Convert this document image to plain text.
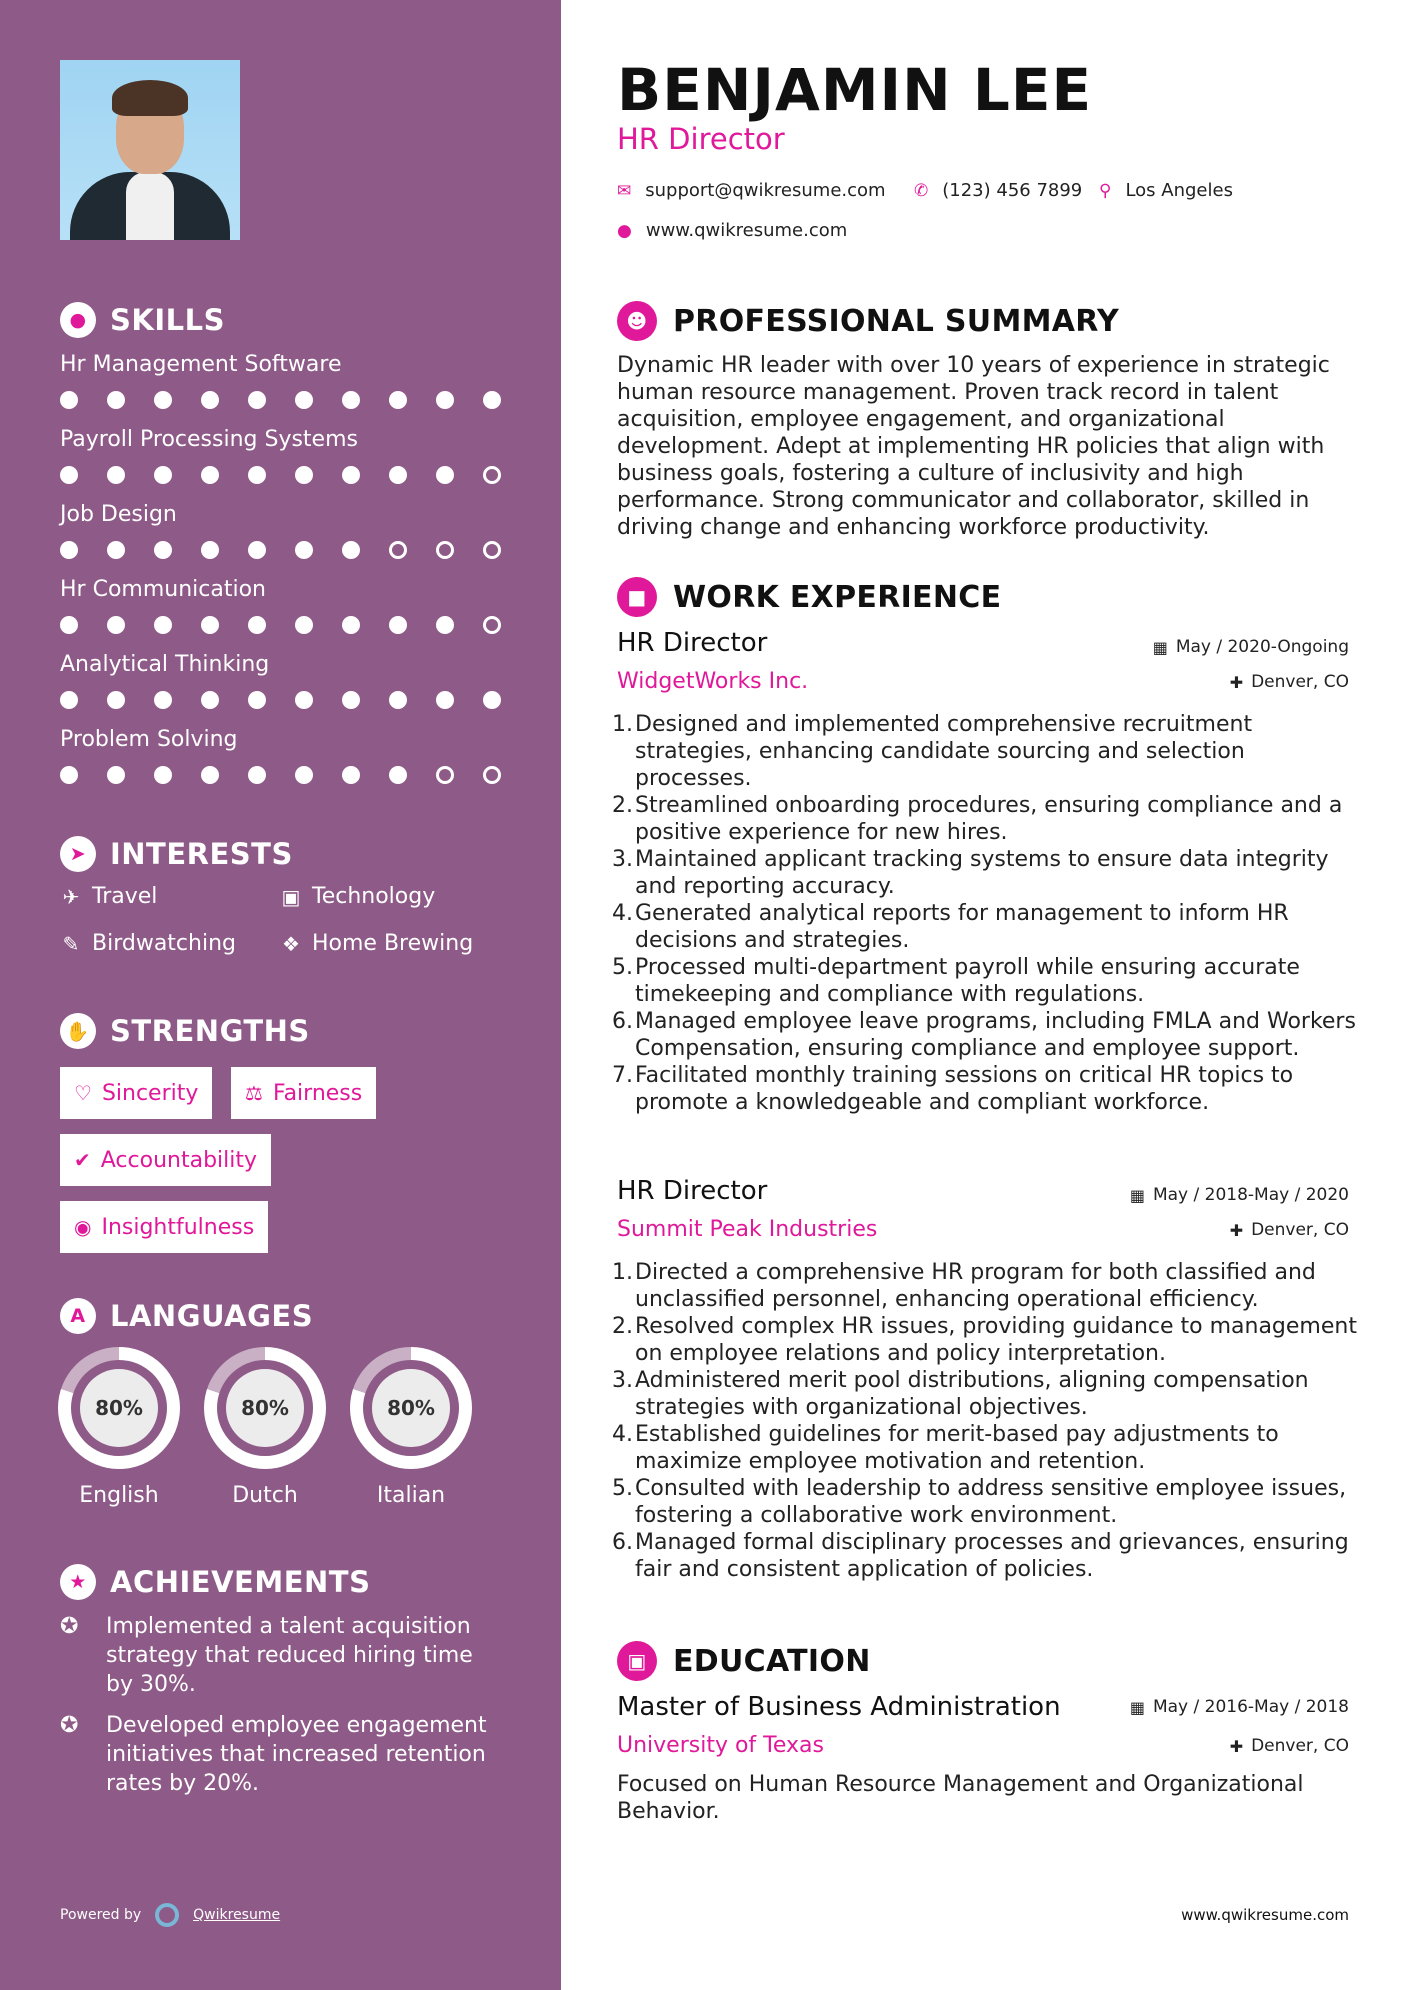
● SKILLS
Hr Management Software
Payroll Processing Systems
Job Design
Hr Communication
Analytical Thinking
Problem Solving
➤ INTERESTS
✈ Travel	▣ Technology
✎ Birdwatching ❖ Home Brewing
✋ STRENGTHS
♡ Sincerity ⚖ Fairness
✔ Accountability
◉ Insightfulness
A LANGUAGES
80%
English
80%
Dutch
80%
Italian
★ ACHIEVEMENTS
✪	Implemented a talent acquisition strategy that reduced hiring time by 30%.
✪	Developed employee engagement initiatives that increased retention rates by 20%.
Powered by	Qwikresume
BENJAMIN LEE
HR Director
✉ support@qwikresume.com ✆ (123) 456 7899 ⚲ Los Angeles
● www.qwikresume.com
☻ PROFESSIONAL SUMMARY
Dynamic HR leader with over 10 years of experience in strategic human resource management. Proven track record in talent acquisition, employee engagement, and organizational development. Adept at implementing HR policies that align with business goals, fostering a culture of inclusivity and high performance. Strong communicator and collaborator, skilled in driving change and enhancing workforce productivity.
■ WORK EXPERIENCE
HR Director	▦ May / 2020-Ongoing
WidgetWorks Inc.	✚ Denver, CO
1. Designed and implemented comprehensive recruitment strategies, enhancing candidate sourcing and selection processes.
2. Streamlined onboarding procedures, ensuring compliance and a positive experience for new hires.
3. Maintained applicant tracking systems to ensure data integrity and reporting accuracy.
4. Generated analytical reports for management to inform HR decisions and strategies.
5. Processed multi-department payroll while ensuring accurate timekeeping and compliance with regulations.
6. Managed employee leave programs, including FMLA and Workers Compensation, ensuring compliance and employee support.
7. Facilitated monthly training sessions on critical HR topics to promote a knowledgeable and compliant workforce.
HR Director	▦ May / 2018-May / 2020
Summit Peak Industries	✚ Denver, CO
1. Directed a comprehensive HR program for both classified and unclassified personnel, enhancing operational efficiency.
2. Resolved complex HR issues, providing guidance to management on employee relations and policy interpretation.
3. Administered merit pool distributions, aligning compensation strategies with organizational objectives.
4. Established guidelines for merit-based pay adjustments to maximize employee motivation and retention.
5. Consulted with leadership to address sensitive employee issues, fostering a collaborative work environment.
6. Managed formal disciplinary processes and grievances, ensuring fair and consistent application of policies.
▣ EDUCATION
Master of Business Administration	▦ May / 2016-May / 2018
University of Texas	✚ Denver, CO
Focused on Human Resource Management and Organizational Behavior.
www.qwikresume.com
